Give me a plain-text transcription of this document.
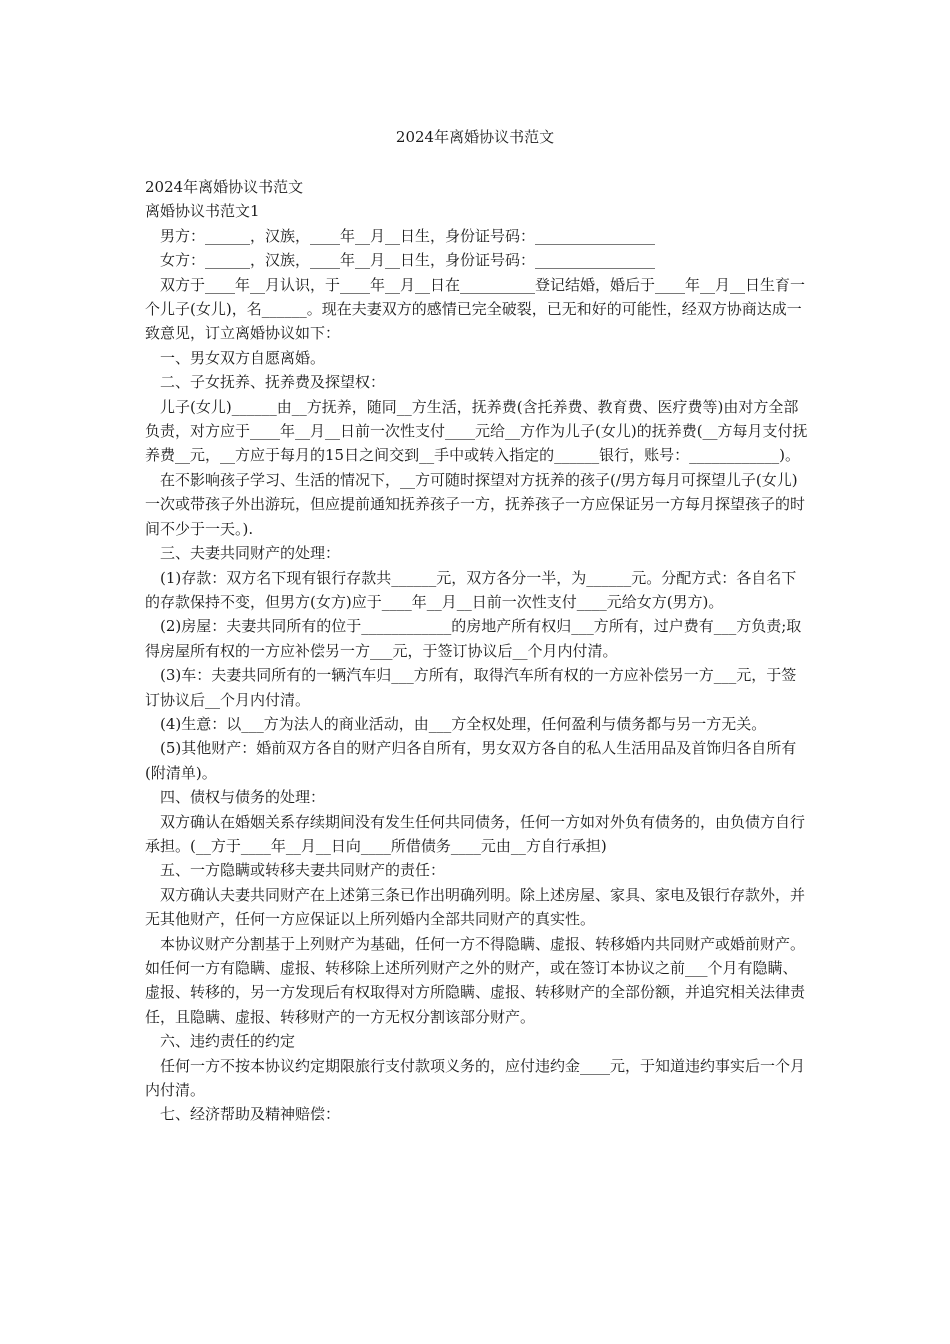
2024年离婚协议书范文

2024年离婚协议书范文

离婚协议书范文1

男方：______，汉族，____年__月__日生，身份证号码：________________

女方：______，汉族，____年__月__日生，身份证号码：________________

双方于____年__月认识，于____年__月__日在__________登记结婚，婚后于____年__月__日生育一个儿子(女儿)，名______。现在夫妻双方的感情已完全破裂，已无和好的可能性，经双方协商达成一致意见，订立离婚协议如下：

一、男女双方自愿离婚。

二、子女抚养、抚养费及探望权：

儿子(女儿)______由__方抚养，随同__方生活，抚养费(含托养费、教育费、医疗费等)由对方全部负责，对方应于____年__月__日前一次性支付____元给__方作为儿子(女儿)的抚养费(__方每月支付抚养费__元，__方应于每月的15日之间交到__手中或转入指定的______银行，账号：____________)。

在不影响孩子学习、生活的情况下，__方可随时探望对方抚养的孩子(/男方每月可探望儿子(女儿)一次或带孩子外出游玩，但应提前通知抚养孩子一方，抚养孩子一方应保证另一方每月探望孩子的时间不少于一天。).

三、夫妻共同财产的处理：

(1)存款：双方名下现有银行存款共______元，双方各分一半，为______元。分配方式：各自名下的存款保持不变，但男方(女方)应于____年__月__日前一次性支付____元给女方(男方)。

(2)房屋：夫妻共同所有的位于____________的房地产所有权归___方所有，过户费有___方负责;取得房屋所有权的一方应补偿另一方___元，于签订协议后__个月内付清。

(3)车：夫妻共同所有的一辆汽车归___方所有，取得汽车所有权的一方应补偿另一方___元，于签订协议后__个月内付清。

(4)生意：以___方为法人的商业活动，由___方全权处理，任何盈利与债务都与另一方无关。

(5)其他财产：婚前双方各自的财产归各自所有，男女双方各自的私人生活用品及首饰归各自所有(附清单)。

四、债权与债务的处理：

双方确认在婚姻关系存续期间没有发生任何共同债务，任何一方如对外负有债务的，由负债方自行承担。(__方于____年__月__日向____所借债务____元由__方自行承担)

五、一方隐瞒或转移夫妻共同财产的责任：

双方确认夫妻共同财产在上述第三条已作出明确列明。除上述房屋、家具、家电及银行存款外，并无其他财产，任何一方应保证以上所列婚内全部共同财产的真实性。

本协议财产分割基于上列财产为基础，任何一方不得隐瞒、虚报、转移婚内共同财产或婚前财产。如任何一方有隐瞒、虚报、转移除上述所列财产之外的财产，或在签订本协议之前___个月有隐瞒、虚报、转移的，另一方发现后有权取得对方所隐瞒、虚报、转移财产的全部份额，并追究相关法律责任，且隐瞒、虚报、转移财产的一方无权分割该部分财产。

六、违约责任的约定

任何一方不按本协议约定期限旅行支付款项义务的，应付违约金____元，于知道违约事实后一个月内付清。

七、经济帮助及精神赔偿：
